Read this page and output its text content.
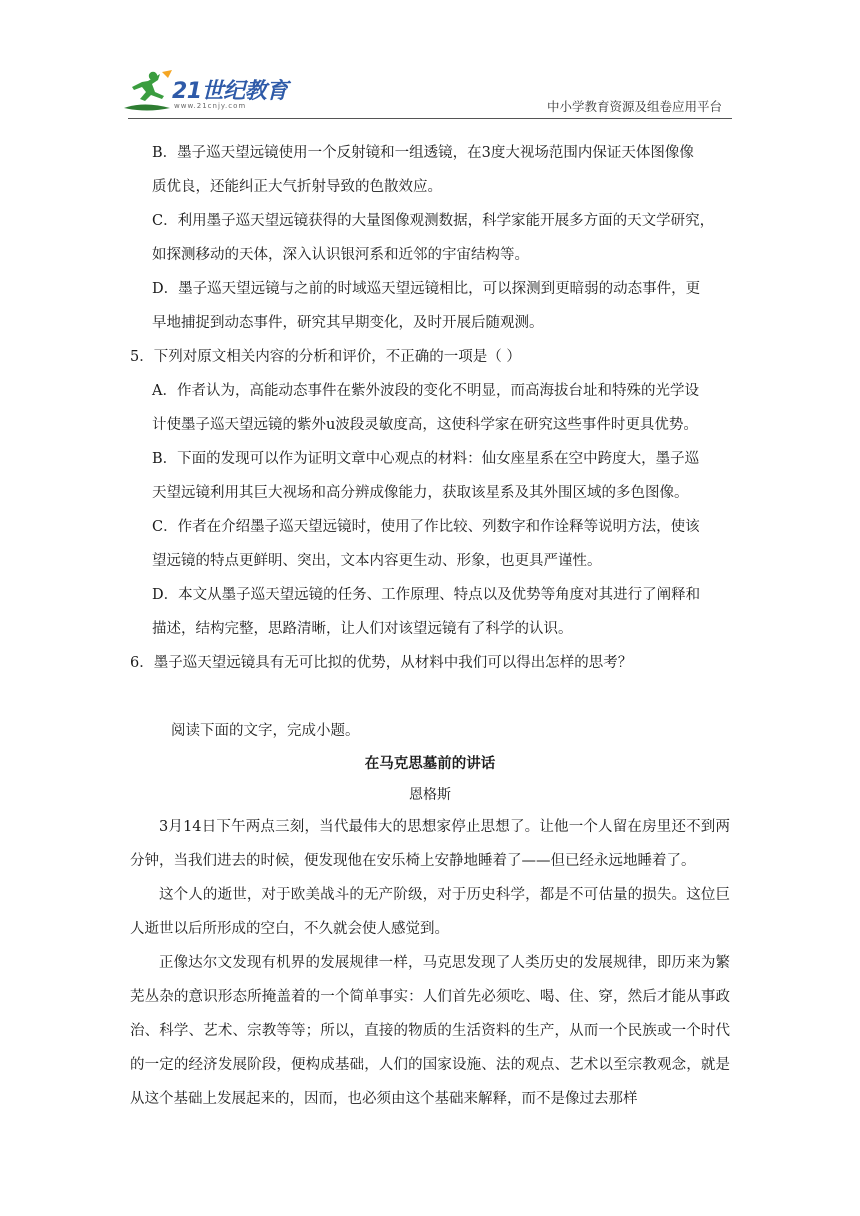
21世纪教育
www.21cnjy.com	中小学教育资源及组卷应用平台

B．墨子巡天望远镜使用一个反射镜和一组透镜，在3度大视场范围内保证天体图像像

质优良，还能纠正大气折射导致的色散效应。

C．利用墨子巡天望远镜获得的大量图像观测数据，科学家能开展多方面的天文学研究，

如探测移动的天体，深入认识银河系和近邻的宇宙结构等。

D．墨子巡天望远镜与之前的时域巡天望远镜相比，可以探测到更暗弱的动态事件，更

早地捕捉到动态事件，研究其早期变化，及时开展后随观测。

5．下列对原文相关内容的分析和评价，不正确的一项是（ ）

A．作者认为，高能动态事件在紫外波段的变化不明显，而高海拔台址和特殊的光学设

计使墨子巡天望远镜的紫外u波段灵敏度高，这使科学家在研究这些事件时更具优势。

B．下面的发现可以作为证明文章中心观点的材料：仙女座星系在空中跨度大，墨子巡

天望远镜利用其巨大视场和高分辨成像能力，获取该星系及其外围区域的多色图像。

C．作者在介绍墨子巡天望远镜时，使用了作比较、列数字和作诠释等说明方法，使该

望远镜的特点更鲜明、突出，文本内容更生动、形象，也更具严谨性。

D．本文从墨子巡天望远镜的任务、工作原理、特点以及优势等角度对其进行了阐释和

描述，结构完整，思路清晰，让人们对该望远镜有了科学的认识。

6．墨子巡天望远镜具有无可比拟的优势，从材料中我们可以得出怎样的思考？

阅读下面的文字，完成小题。

在马克思墓前的讲话

恩格斯

3月14日下午两点三刻，当代最伟大的思想家停止思想了。让他一个人留在房里还不到两分钟，当我们进去的时候，便发现他在安乐椅上安静地睡着了——但已经永远地睡着了。

这个人的逝世，对于欧美战斗的无产阶级，对于历史科学，都是不可估量的损失。这位巨人逝世以后所形成的空白，不久就会使人感觉到。

正像达尔文发现有机界的发展规律一样，马克思发现了人类历史的发展规律，即历来为繁芜丛杂的意识形态所掩盖着的一个简单事实：人们首先必须吃、喝、住、穿，然后才能从事政治、科学、艺术、宗教等等；所以，直接的物质的生活资料的生产，从而一个民族或一个时代的一定的经济发展阶段，便构成基础，人们的国家设施、法的观点、艺术以至宗教观念，就是从这个基础上发展起来的，因而，也必须由这个基础来解释，而不是像过去那样
